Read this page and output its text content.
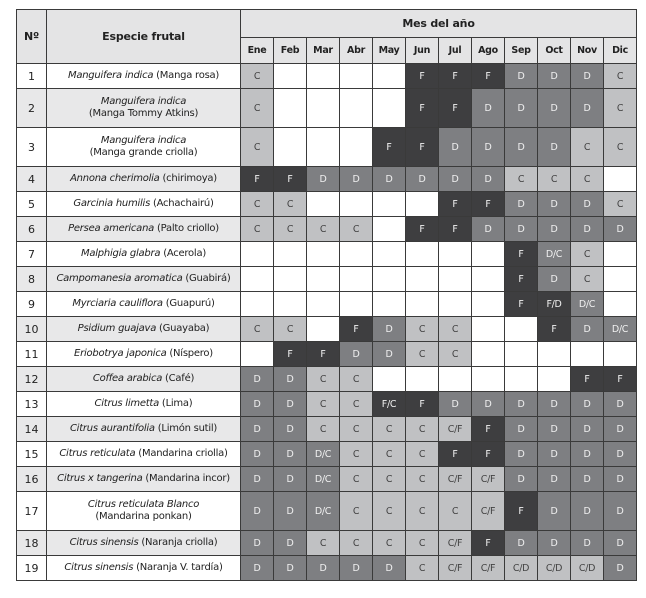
Nº	Especie frutal	Mes del año											
		Ene	Feb	Mar	Abr	May	Jun	Jul	Ago	Sep	Oct	Nov	Dic
1	Manguifera indica (Manga rosa)	C					F	F	F	D	D	D	C
2	Manguifera indica
(Manga Tommy Atkins)	C					F	F	D	D	D	D	C
3	Manguifera indica
(Manga grande criolla)	C				F	F	D	D	D	D	C	C
4	Annona cherimolia (chirimoya)	F	F	D	D	D	D	D	D	C	C	C	
5	Garcinia humilis (Achachairú)	C	C					F	F	D	D	D	C
6	Persea americana (Palto criollo)	C	C	C	C		F	F	D	D	D	D	D
7	Malphigia glabra (Acerola)									F	D/C	C	
8	Campomanesia aromatica (Guabirá)									F	D	C	
9	Myrciaria cauliflora (Guapurú)									F	F/D	D/C	
10	Psidium guajava (Guayaba)	C	C		F	D	C	C			F	D	D/C
11	Eriobotrya japonica (Níspero)		F	F	D	D	C	C					
12	Coffea arabica (Café)	D	D	C	C							F	F
13	Citrus limetta (Lima)	D	D	C	C	F/C	F	D	D	D	D	D	D
14	Citrus aurantifolia (Limón sutil)	D	D	C	C	C	C	C/F	F	D	D	D	D
15	Citrus reticulata (Mandarina criolla)	D	D	D/C	C	C	C	F	F	D	D	D	D
16	Citrus x tangerina (Mandarina incor)	D	D	D/C	C	C	C	C/F	C/F	D	D	D	D
17	Citrus reticulata Blanco
(Mandarina ponkan)	D	D	D/C	C	C	C	C	C/F	F	D	D	D
18	Citrus sinensis (Naranja criolla)	D	D	C	C	C	C	C/F	F	D	D	D	D
19	Citrus sinensis (Naranja V. tardía)	D	D	D	D	D	C	C/F	C/F	C/D	C/D	C/D	D
